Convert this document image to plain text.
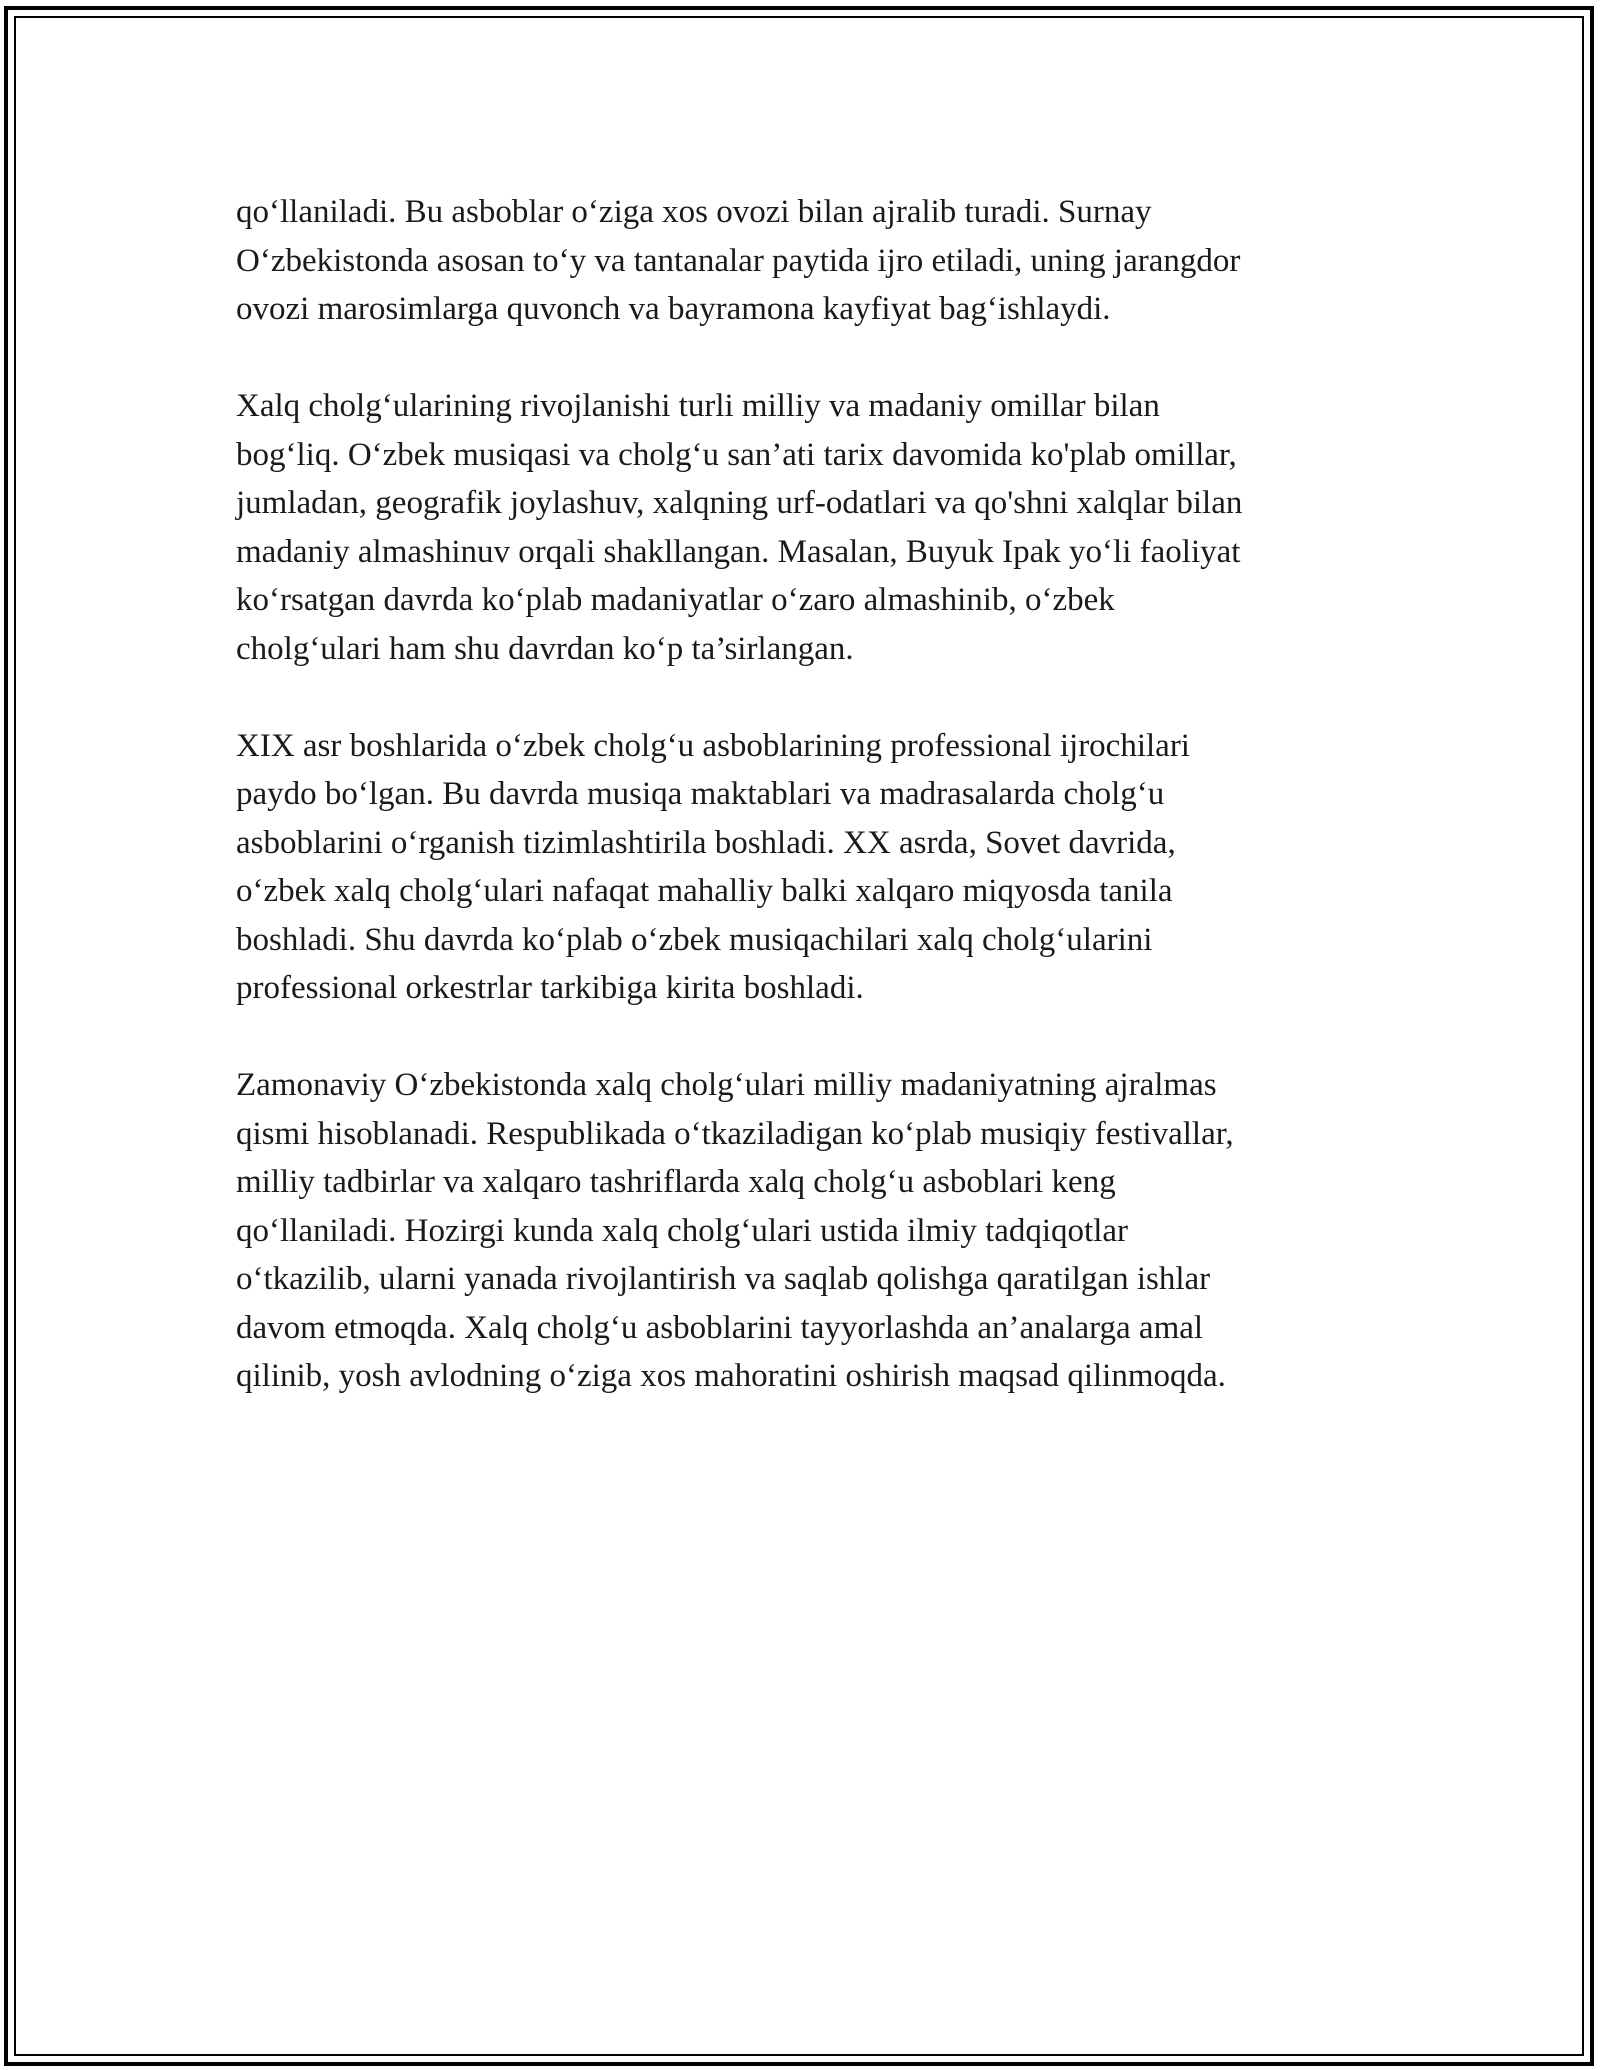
qo‘llaniladi. Bu asboblar o‘ziga xos ovozi bilan ajralib turadi. Surnay
O‘zbekistonda asosan to‘y va tantanalar paytida ijro etiladi, uning jarangdor
ovozi marosimlarga quvonch va bayramona kayfiyat bag‘ishlaydi.

Xalq cholg‘ularining rivojlanishi turli milliy va madaniy omillar bilan
bog‘liq. O‘zbek musiqasi va cholg‘u san’ati tarix davomida ko'plab omillar,
jumladan, geografik joylashuv, xalqning urf-odatlari va qo'shni xalqlar bilan
madaniy almashinuv orqali shakllangan. Masalan, Buyuk Ipak yo‘li faoliyat
ko‘rsatgan davrda ko‘plab madaniyatlar o‘zaro almashinib, o‘zbek
cholg‘ulari ham shu davrdan ko‘p ta’sirlangan.

XIX asr boshlarida o‘zbek cholg‘u asboblarining professional ijrochilari
paydo bo‘lgan. Bu davrda musiqa maktablari va madrasalarda cholg‘u
asboblarini o‘rganish tizimlashtirila boshladi. XX asrda, Sovet davrida,
o‘zbek xalq cholg‘ulari nafaqat mahalliy balki xalqaro miqyosda tanila
boshladi. Shu davrda ko‘plab o‘zbek musiqachilari xalq cholg‘ularini
professional orkestrlar tarkibiga kirita boshladi.

Zamonaviy O‘zbekistonda xalq cholg‘ulari milliy madaniyatning ajralmas
qismi hisoblanadi. Respublikada o‘tkaziladigan ko‘plab musiqiy festivallar,
milliy tadbirlar va xalqaro tashriflarda xalq cholg‘u asboblari keng
qo‘llaniladi. Hozirgi kunda xalq cholg‘ulari ustida ilmiy tadqiqotlar
o‘tkazilib, ularni yanada rivojlantirish va saqlab qolishga qaratilgan ishlar
davom etmoqda. Xalq cholg‘u asboblarini tayyorlashda an’analarga amal
qilinib, yosh avlodning o‘ziga xos mahoratini oshirish maqsad qilinmoqda.
